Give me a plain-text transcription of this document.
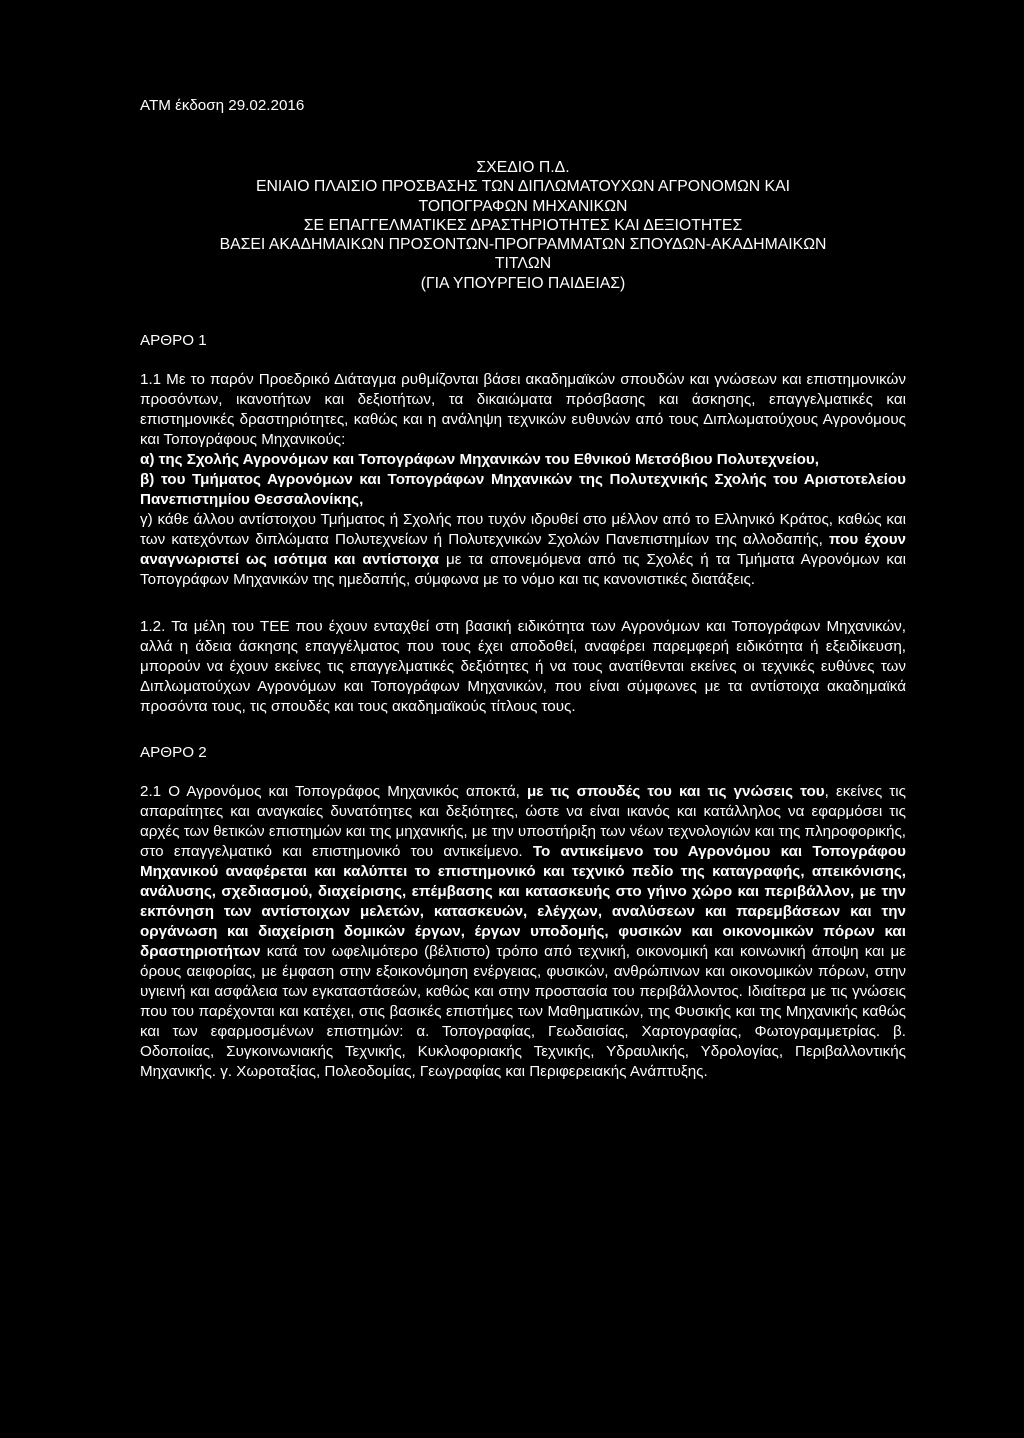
ΑΤΜ έκδοση 29.02.2016
ΣΧΕΔΙΟ Π.Δ.
ΕΝΙΑΙΟ ΠΛΑΙΣΙΟ ΠΡΟΣΒΑΣΗΣ ΤΩΝ ΔΙΠΛΩΜΑΤΟΥΧΩΝ ΑΓΡΟΝΟΜΩΝ ΚΑΙ
ΤΟΠΟΓΡΑΦΩΝ ΜΗΧΑΝΙΚΩΝ
ΣΕ ΕΠΑΓΓΕΛΜΑΤΙΚΕΣ ΔΡΑΣΤΗΡΙΟΤΗΤΕΣ ΚΑΙ ΔΕΞΙΟΤΗΤΕΣ
ΒΑΣΕΙ ΑΚΑΔΗΜΑΙΚΩΝ ΠΡΟΣΟΝΤΩΝ-ΠΡΟΓΡΑΜΜΑΤΩΝ ΣΠΟΥΔΩΝ-ΑΚΑΔΗΜΑΙΚΩΝ
ΤΙΤΛΩΝ
(ΓΙΑ ΥΠΟΥΡΓΕΙΟ ΠΑΙΔΕΙΑΣ)
ΑΡΘΡΟ 1

1.1 Με το παρόν Προεδρικό Διάταγμα ρυθμίζονται βάσει ακαδημαϊκών σπουδών και γνώσεων και επιστημονικών προσόντων, ικανοτήτων και δεξιοτήτων, τα δικαιώματα πρόσβασης και άσκησης, επαγγελματικές και επιστημονικές δραστηριότητες, καθώς και η ανάληψη τεχνικών ευθυνών από τους Διπλωματούχους Αγρονόμους και Τοπογράφους Μηχανικούς:

α) της Σχολής Αγρονόμων και Τοπογράφων Μηχανικών του Εθνικού Μετσόβιου Πολυτεχνείου,

β) του Τμήματος Αγρονόμων και Τοπογράφων Μηχανικών της Πολυτεχνικής Σχολής του Αριστοτελείου Πανεπιστημίου Θεσσαλονίκης,

γ) κάθε άλλου αντίστοιχου Τμήματος ή Σχολής που τυχόν ιδρυθεί στο μέλλον από το Ελληνικό Κράτος, καθώς και των κατεχόντων διπλώματα Πολυτεχνείων ή Πολυτεχνικών Σχολών Πανεπιστημίων της αλλοδαπής, που έχουν αναγνωριστεί ως ισότιμα και αντίστοιχα με τα απονεμόμενα από τις Σχολές ή τα Τμήματα Αγρονόμων και Τοπογράφων Μηχανικών της ημεδαπής, σύμφωνα με το νόμο και τις κανονιστικές διατάξεις.

1.2. Τα μέλη του ΤΕΕ που έχουν ενταχθεί στη βασική ειδικότητα των Αγρονόμων και Τοπογράφων Μηχανικών, αλλά η άδεια άσκησης επαγγέλματος που τους έχει αποδοθεί, αναφέρει παρεμφερή ειδικότητα ή εξειδίκευση, μπορούν να έχουν εκείνες τις επαγγελματικές δεξιότητες ή να τους ανατίθενται εκείνες οι τεχνικές ευθύνες των Διπλωματούχων Αγρονόμων και Τοπογράφων Μηχανικών, που είναι σύμφωνες με τα αντίστοιχα ακαδημαϊκά προσόντα τους, τις σπουδές και τους ακαδημαϊκούς τίτλους τους.

ΑΡΘΡΟ 2

2.1 Ο Αγρονόμος και Τοπογράφος Μηχανικός αποκτά, με τις σπουδές του και τις γνώσεις του, εκείνες τις απαραίτητες και αναγκαίες δυνατότητες και δεξιότητες, ώστε να είναι ικανός και κατάλληλος να εφαρμόσει τις αρχές των θετικών επιστημών και της μηχανικής, με την υποστήριξη των νέων τεχνολογιών και της πληροφορικής, στο επαγγελματικό και επιστημονικό του αντικείμενο. Το αντικείμενο του Αγρονόμου και Τοπογράφου Μηχανικού αναφέρεται και καλύπτει το επιστημονικό και τεχνικό πεδίο της καταγραφής, απεικόνισης, ανάλυσης, σχεδιασμού, διαχείρισης, επέμβασης και κατασκευής στο γήινο χώρο και περιβάλλον, με την εκπόνηση των αντίστοιχων μελετών, κατασκευών, ελέγχων, αναλύσεων και παρεμβάσεων και την οργάνωση και διαχείριση δομικών έργων, έργων υποδομής, φυσικών και οικονομικών πόρων και δραστηριοτήτων κατά τον ωφελιμότερο (βέλτιστο) τρόπο από τεχνική, οικονομική και κοινωνική άποψη και με όρους αειφορίας, με έμφαση στην εξοικονόμηση ενέργειας, φυσικών, ανθρώπινων και οικονομικών πόρων, στην υγιεινή και ασφάλεια των εγκαταστάσεών, καθώς και στην προστασία του περιβάλλοντος. Ιδιαίτερα με τις γνώσεις που του παρέχονται και κατέχει, στις βασικές επιστήμες των Μαθηματικών, της Φυσικής και της Μηχανικής καθώς και των εφαρμοσμένων επιστημών: α. Τοπογραφίας, Γεωδαισίας, Χαρτογραφίας, Φωτογραμμετρίας. β. Οδοποιίας, Συγκοινωνιακής Τεχνικής, Κυκλοφοριακής Τεχνικής, Υδραυλικής, Υδρολογίας, Περιβαλλοντικής Μηχανικής. γ. Χωροταξίας, Πολεοδομίας, Γεωγραφίας και Περιφερειακής Ανάπτυξης.
